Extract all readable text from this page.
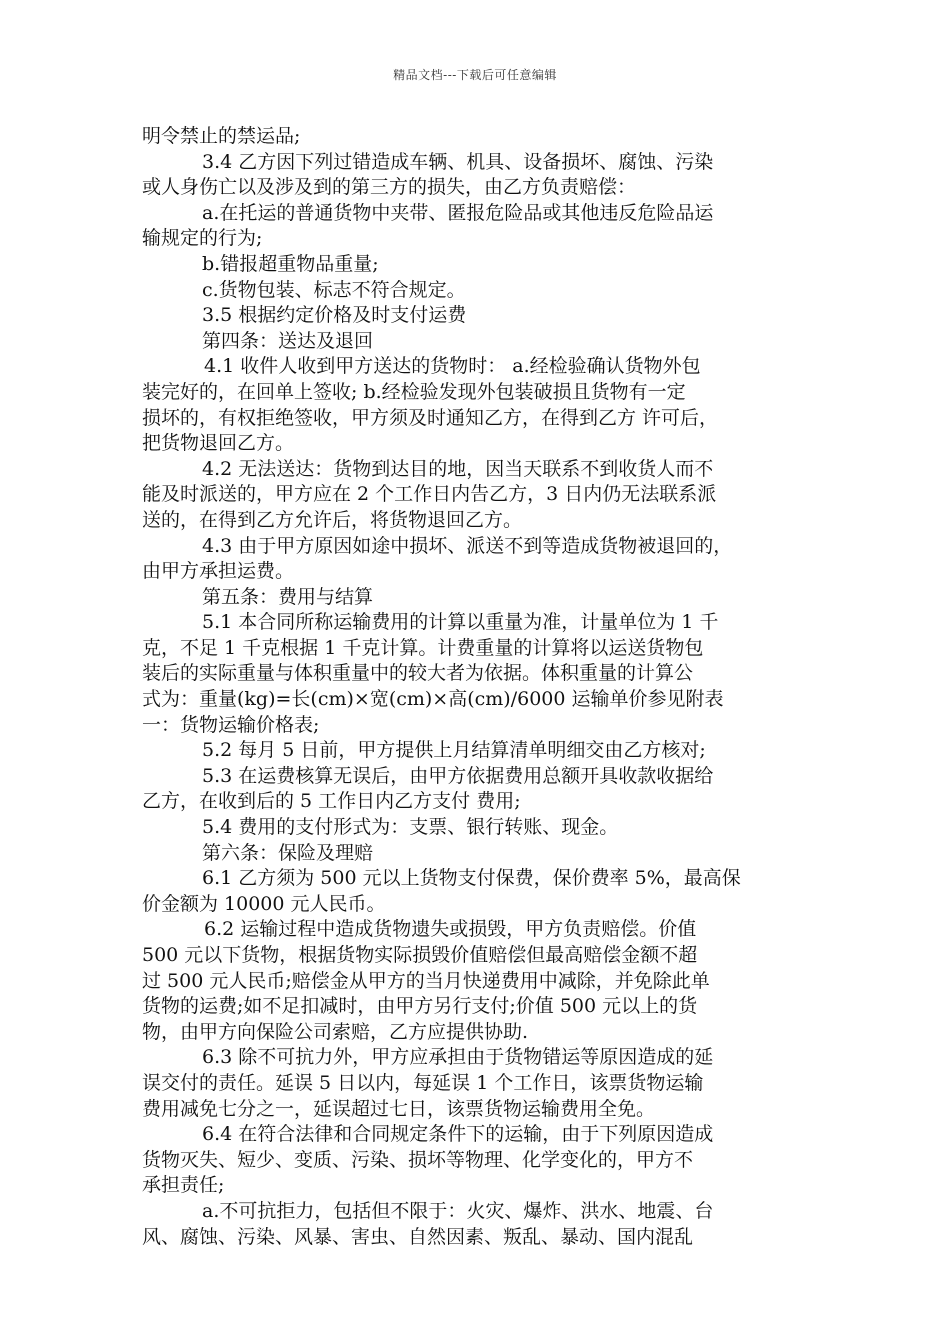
精品文档---下载后可任意编辑
明令禁止的禁运品;
3.4 乙方因下列过错造成车辆、机具、设备损坏、腐蚀、污染
或人身伤亡以及涉及到的第三方的损失，由乙方负责赔偿：
a.在托运的普通货物中夹带、匿报危险品或其他违反危险品运
输规定的行为;
b.错报超重物品重量;
c.货物包装、标志不符合规定。
3.5 根据约定价格及时支付运费
第四条：送达及退回
4.1 收件人收到甲方送达的货物时： a.经检验确认货物外包
装完好的，在回单上签收; b.经检验发现外包装破损且货物有一定
损坏的，有权拒绝签收，甲方须及时通知乙方，在得到乙方 许可后，
把货物退回乙方。
4.2 无法送达：货物到达目的地，因当天联系不到收货人而不
能及时派送的，甲方应在 2 个工作日内告乙方，3 日内仍无法联系派
送的，在得到乙方允许后，将货物退回乙方。
4.3 由于甲方原因如途中损坏、派送不到等造成货物被退回的，
由甲方承担运费。
第五条：费用与结算
5.1 本合同所称运输费用的计算以重量为准，计量单位为 1 千
克，不足 1 千克根据 1 千克计算。计费重量的计算将以运送货物包
装后的实际重量与体积重量中的较大者为依据。体积重量的计算公
式为：重量(kg)=长(cm)×宽(cm)×高(cm)/6000 运输单价参见附表
一：货物运输价格表;
5.2 每月 5 日前，甲方提供上月结算清单明细交由乙方核对;
5.3 在运费核算无误后，由甲方依据费用总额开具收款收据给
乙方，在收到后的 5 工作日内乙方支付 费用;
5.4 费用的支付形式为：支票、银行转账、现金。
第六条：保险及理赔
6.1 乙方须为 500 元以上货物支付保费，保价费率 5%，最高保
价金额为 10000 元人民币。
6.2 运输过程中造成货物遗失或损毁，甲方负责赔偿。价值
500 元以下货物，根据货物实际损毁价值赔偿但最高赔偿金额不超
过 500 元人民币;赔偿金从甲方的当月快递费用中减除，并免除此单
货物的运费;如不足扣减时，由甲方另行支付;价值 500 元以上的货
物，由甲方向保险公司索赔，乙方应提供协助.
6.3 除不可抗力外，甲方应承担由于货物错运等原因造成的延
误交付的责任。延误 5 日以内，每延误 1 个工作日，该票货物运输
费用减免七分之一，延误超过七日，该票货物运输费用全免。
6.4 在符合法律和合同规定条件下的运输，由于下列原因造成
货物灭失、短少、变质、污染、损坏等物理、化学变化的，甲方不
承担责任;
a.不可抗拒力，包括但不限于：火灾、爆炸、洪水、地震、台
风、腐蚀、污染、风暴、害虫、自然因素、叛乱、暴动、国内混乱
